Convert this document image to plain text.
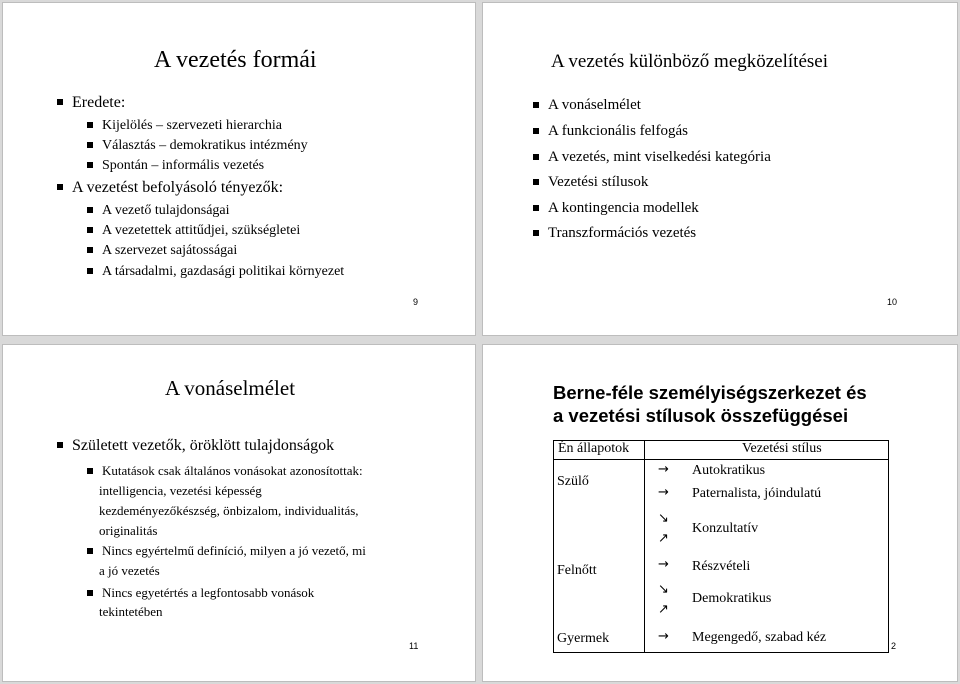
A vezetés formái
Eredete:
Kijelölés – szervezeti hierarchia
Választás – demokratikus intézmény
Spontán – informális vezetés
A vezetést befolyásoló tényezők:
A vezető tulajdonságai
A vezetettek attitűdjei, szükségletei
A szervezet sajátosságai
A társadalmi, gazdasági politikai környezet
9
A vezetés különböző megközelítései
A vonáselmélet
A funkcionális felfogás
A vezetés, mint viselkedési kategória
Vezetési stílusok
A kontingencia modellek
Transzformációs vezetés
10
A vonáselmélet
Született vezetők, öröklött tulajdonságok
Kutatások csak általános vonásokat azonosítottak:
intelligencia, vezetési képesség
kezdeményezőkészség, önbizalom, individualitás,
originalitás
Nincs egyértelmű definíció, milyen a jó vezető, mi
a jó vezetés
Nincs egyetértés a legfontosabb vonások
tekintetében
11
Berne-féle személyiségszerkezet és
a vezetési stílusok összefüggései
Én állapotok	Vezetési stílus
Szülő
Felnőtt
Gyermek
→
→
↘
↗
→
↘
↗
→
Autokratikus
Paternalista, jóindulatú
Konzultatív
Részvételi
Demokratikus
Megengedő, szabad kéz
2
